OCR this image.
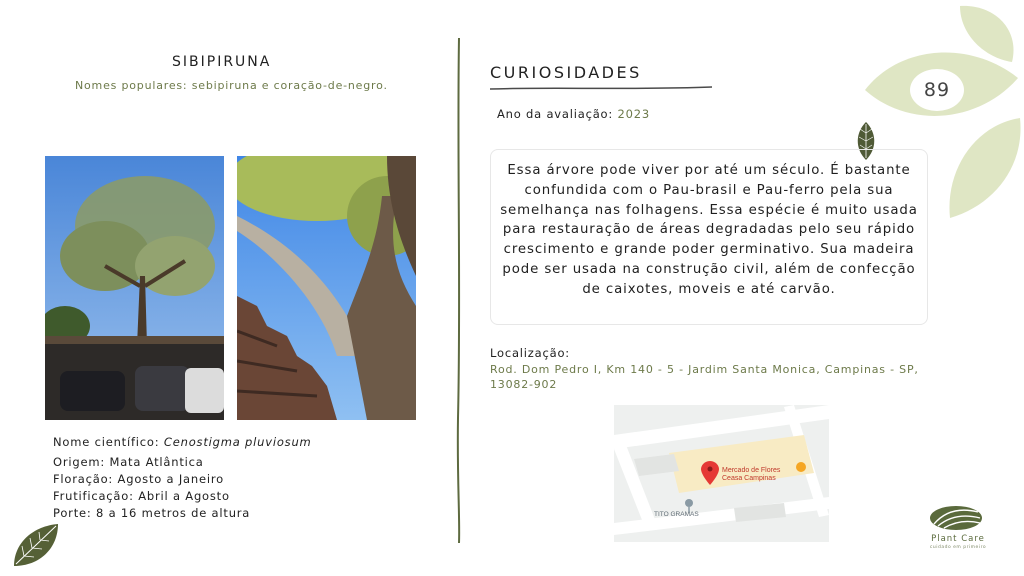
89
SIBIPIRUNA
Nomes populares: sebipiruna e coração-de-negro.
Nome científico: Cenostigma pluviosum
Origem: Mata Atlântica
Floração: Agosto a Janeiro
Frutificação: Abril a Agosto
Porte: 8 a 16 metros de altura
CURIOSIDADES
Ano da avaliação: 2023
Essa árvore pode viver por até um século. É bastante confundida com o Pau-brasil e Pau-ferro pela sua semelhança nas folhagens. Essa espécie é muito usada para restauração de áreas degradadas pelo seu rápido crescimento e grande poder germinativo. Sua madeira pode ser usada na construção civil, além de confecção de caixotes, moveis e até carvão.
Localização:
Rod. Dom Pedro I, Km 140 - 5 - Jardim Santa Monica, Campinas - SP, 13082-902
Mercado de Flores
Ceasa Campinas
TITO GRAMAS
Plant Care
cuidado em primeiro
